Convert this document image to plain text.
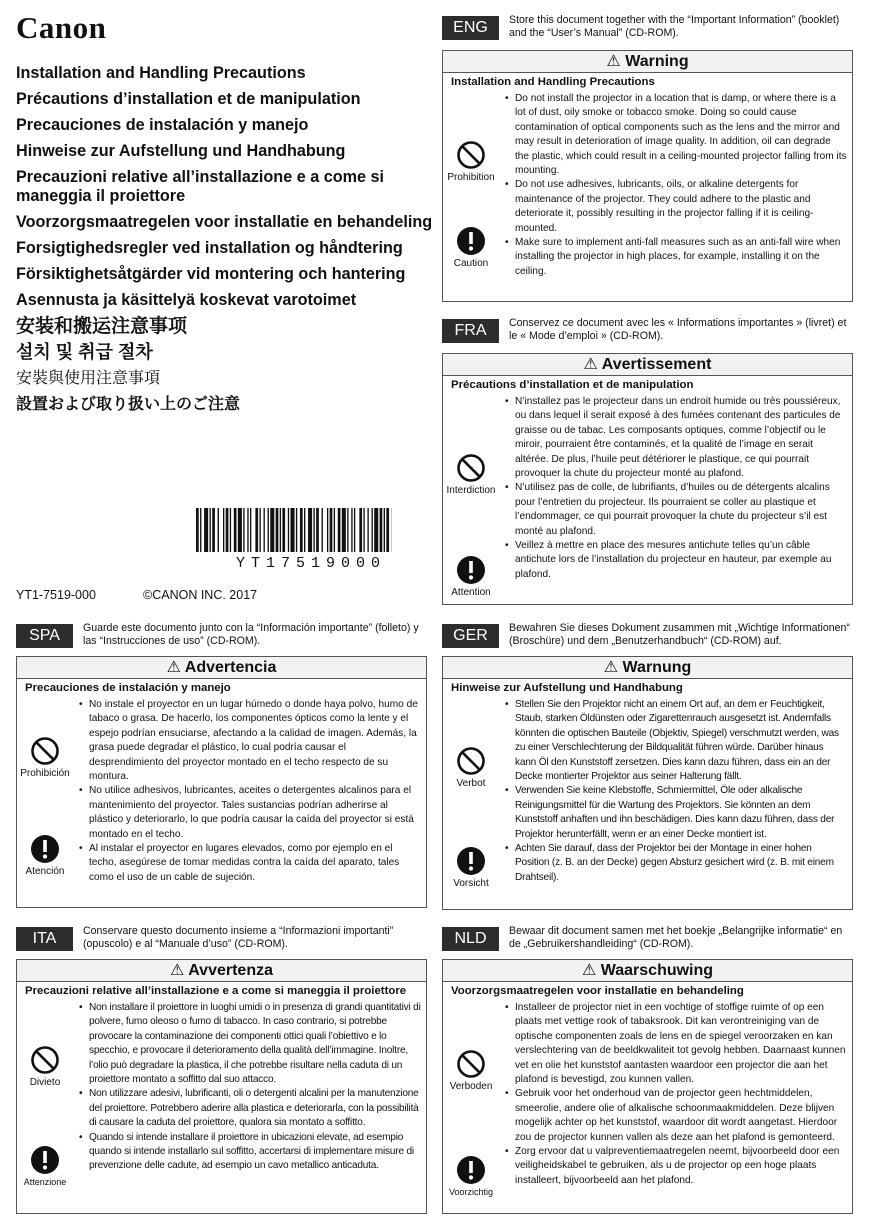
Canon
Installation and Handling Precautions
Précautions d’installation et de manipulation
Precauciones de instalación y manejo
Hinweise zur Aufstellung und Handhabung
Precauzioni relative all’installazione e a come si maneggia il proiettore
Voorzorgsmaatregelen voor installatie en behandeling
Forsigtighedsregler ved installation og håndtering
Försiktighetsåtgärder vid montering och hantering
Asennusta ja käsittelyä koskevat varotoimet
安装和搬运注意事项
설치 및 취급 절차
安裝與使用注意事項
設置および取り扱い上のご注意
YT17519000
YT1-7519-000	©CANON INC. 2017
ENG	Store this document together with the “Important Information” (booklet) and the “User’s Manual” (CD-ROM).
⚠ Warning
Installation and Handling Precautions
Prohibition
Caution
• Do not install the projector in a location that is damp, or where there is a lot of dust, oily smoke or tobacco smoke. Doing so could cause contamination of optical components such as the lens and the mirror and may result in deterioration of image quality. In addition, oil can degrade the plastic, which could result in a ceiling-mounted projector falling from its mounting.
• Do not use adhesives, lubricants, oils, or alkaline detergents for maintenance of the projector. They could adhere to the plastic and deteriorate it, possibly resulting in the projector falling if it is ceiling-mounted.
• Make sure to implement anti-fall measures such as an anti-fall wire when installing the projector in high places, for example, installing it on the ceiling.
FRA	Conservez ce document avec les « Informations importantes » (livret) et le « Mode d’emploi » (CD-ROM).
⚠ Avertissement
Précautions d’installation et de manipulation
Interdiction
Attention
• N’installez pas le projecteur dans un endroit humide ou très poussiéreux, ou dans lequel il serait exposé à des fumées contenant des particules de graisse ou de tabac. Les composants optiques, comme l’objectif ou le miroir, pourraient être contaminés, et la qualité de l’image en serait altérée. De plus, l’huile peut détériorer le plastique, ce qui pourrait provoquer la chute du projecteur monté au plafond.
• N’utilisez pas de colle, de lubrifiants, d’huiles ou de détergents alcalins pour l’entretien du projecteur. Ils pourraient se coller au plastique et l’endommager, ce qui pourrait provoquer la chute du projecteur s’il est monté au plafond.
• Veillez à mettre en place des mesures antichute telles qu’un câble antichute lors de l’installation du projecteur en hauteur, par exemple au plafond.
SPA	Guarde este documento junto con la “Información importante” (folleto) y las “Instrucciones de uso” (CD-ROM).
⚠ Advertencia
Precauciones de instalación y manejo
Prohibición
Atención
• No instale el proyector en un lugar húmedo o donde haya polvo, humo de tabaco o grasa. De hacerlo, los componentes ópticos como la lente y el espejo podrían ensuciarse, afectando a la calidad de imagen. Además, la grasa puede degradar el plástico, lo cual podría causar el desprendimiento del proyector montado en el techo respecto de su montura.
• No utilice adhesivos, lubricantes, aceites o detergentes alcalinos para el mantenimiento del proyector. Tales sustancias podrían adherirse al plástico y deteriorarlo, lo que podría causar la caída del proyector si está montado en el techo.
• Al instalar el proyector en lugares elevados, como por ejemplo en el techo, asegúrese de tomar medidas contra la caída del aparato, tales como el uso de un cable de sujeción.
GER	Bewahren Sie dieses Dokument zusammen mit „Wichtige Informationen“ (Broschüre) und dem „Benutzerhandbuch“ (CD-ROM) auf.
⚠ Warnung
Hinweise zur Aufstellung und Handhabung
Verbot
Vorsicht
• Stellen Sie den Projektor nicht an einem Ort auf, an dem er Feuchtigkeit, Staub, starken Öldünsten oder Zigarettenrauch ausgesetzt ist. Andernfalls könnten die optischen Bauteile (Objektiv, Spiegel) verschmutzt werden, was zu einer Verschlechterung der Bildqualität führen würde. Darüber hinaus kann Öl den Kunststoff zersetzen. Dies kann dazu führen, dass ein an der Decke montierter Projektor aus seiner Halterung fällt.
• Verwenden Sie keine Klebstoffe, Schmiermittel, Öle oder alkalische Reinigungsmittel für die Wartung des Projektors. Sie könnten an dem Kunststoff anhaften und ihn beschädigen. Dies kann dazu führen, dass der Projektor herunterfällt, wenn er an einer Decke montiert ist.
• Achten Sie darauf, dass der Projektor bei der Montage in einer hohen Position (z. B. an der Decke) gegen Absturz gesichert wird (z. B. mit einem Drahtseil).
ITA	Conservare questo documento insieme a “Informazioni importanti” (opuscolo) e al “Manuale d’uso” (CD-ROM).
⚠ Avvertenza
Precauzioni relative all’installazione e a come si maneggia il proiettore
Divieto
Attenzione
• Non installare il proiettore in luoghi umidi o in presenza di grandi quantitativi di polvere, fumo oleoso o fumo di tabacco. In caso contrario, si potrebbe provocare la contaminazione dei componenti ottici quali l’obiettivo e lo specchio, e provocare il deterioramento della qualità dell’immagine. Inoltre, l’olio può degradare la plastica, il che potrebbe risultare nella caduta di un proiettore montato a soffitto dal suo attacco.
• Non utilizzare adesivi, lubrificanti, oli o detergenti alcalini per la manutenzione del proiettore. Potrebbero aderire alla plastica e deteriorarla, con la possibilità di causare la caduta del proiettore, qualora sia montato a soffitto.
• Quando si intende installare il proiettore in ubicazioni elevate, ad esempio quando si intende installarlo sul soffitto, accertarsi di implementare misure di prevenzione delle cadute, ad esempio un cavo metallico anticaduta.
NLD	Bewaar dit document samen met het boekje „Belangrijke informatie“ en de „Gebruikershandleiding“ (CD-ROM).
⚠ Waarschuwing
Voorzorgsmaatregelen voor installatie en behandeling
Verboden
Voorzichtig
• Installeer de projector niet in een vochtige of stoffige ruimte of op een plaats met vettige rook of tabaksrook. Dit kan verontreiniging van de optische componenten zoals de lens en de spiegel veroorzaken en kan verslechtering van de beeldkwaliteit tot gevolg hebben. Daarnaast kunnen vet en olie het kunststof aantasten waardoor een projector die aan het plafond is bevestigd, zou kunnen vallen.
• Gebruik voor het onderhoud van de projector geen hechtmiddelen, smeerolie, andere olie of alkalische schoonmaakmiddelen. Deze blijven mogelijk achter op het kunststof, waardoor dit wordt aangetast. Hierdoor zou de projector kunnen vallen als deze aan het plafond is gemonteerd.
• Zorg ervoor dat u valpreventiemaatregelen neemt, bijvoorbeeld door een veiligheidskabel te gebruiken, als u de projector op een hoge plaats installeert, bijvoorbeeld aan het plafond.
